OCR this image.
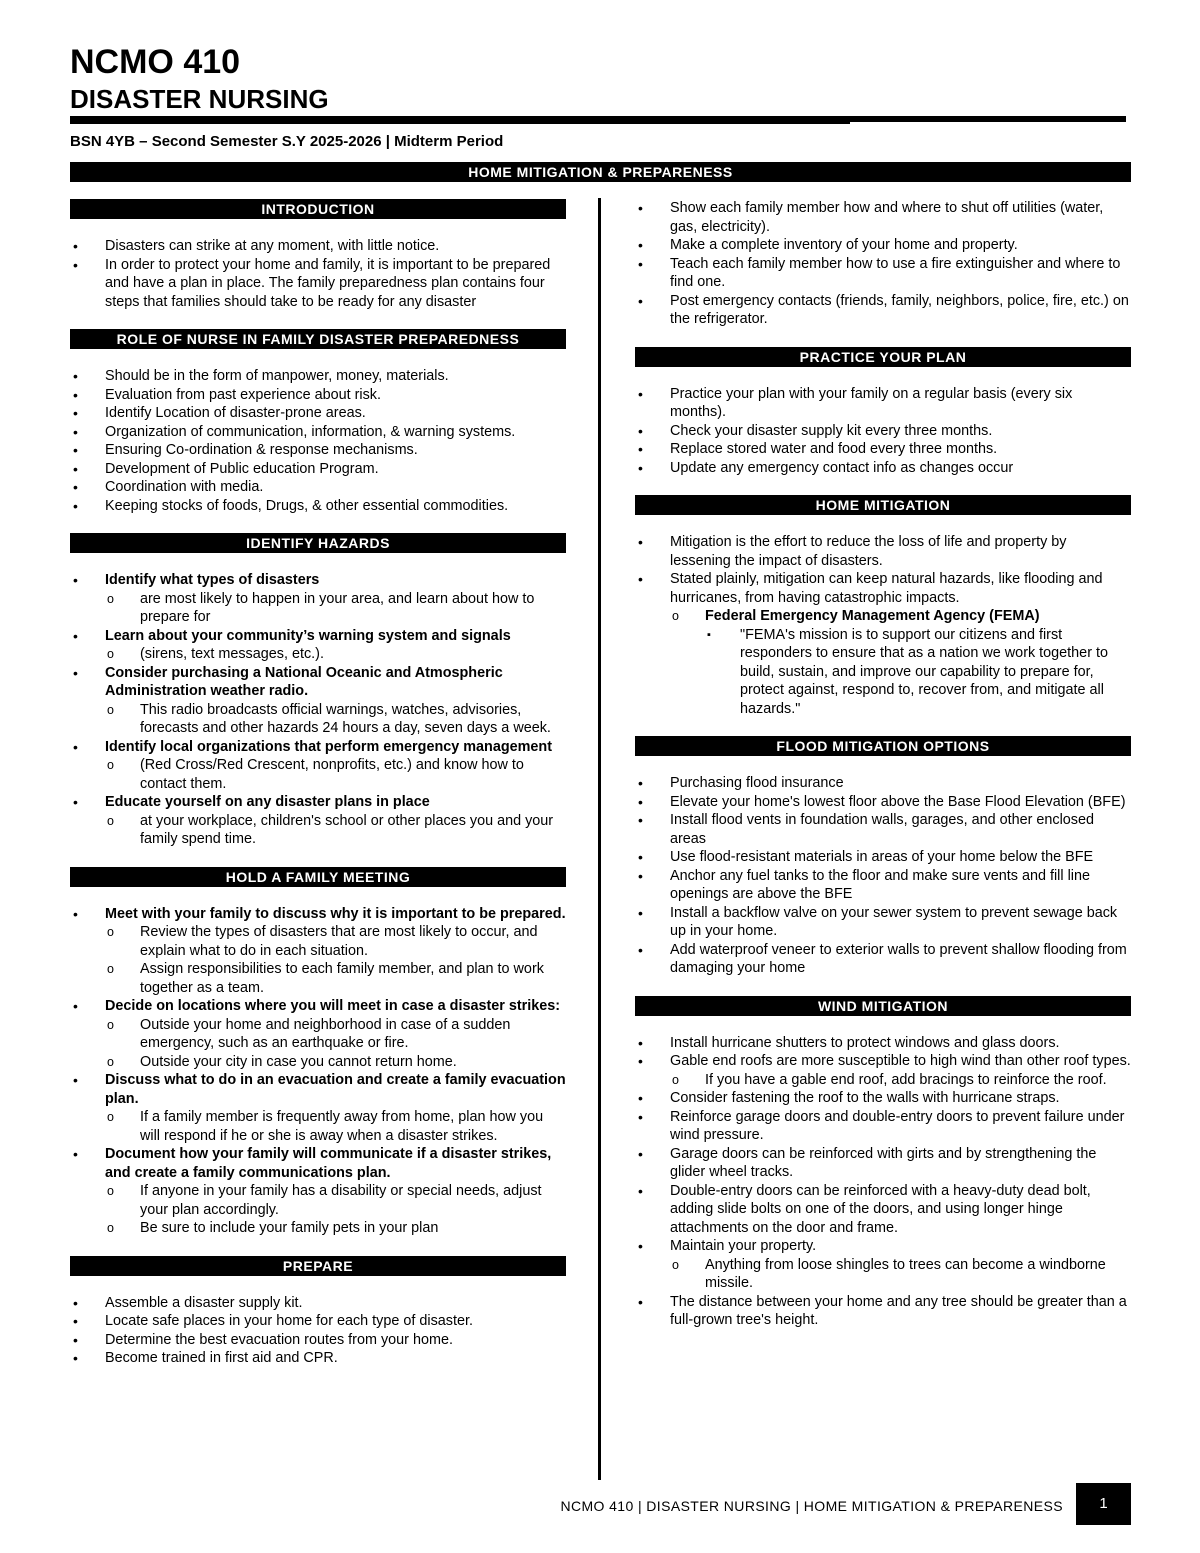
NCMO 410
DISASTER NURSING
BSN 4YB – Second Semester S.Y 2025-2026 | Midterm Period
HOME MITIGATION & PREPARENESS
INTRODUCTION
• Disasters can strike at any moment, with little notice.
• In order to protect your home and family, it is important to be prepared and have a plan in place. The family preparedness plan contains four steps that families should take to be ready for any disaster
ROLE OF NURSE IN FAMILY DISASTER PREPAREDNESS
• Should be in the form of manpower, money, materials.
• Evaluation from past experience about risk.
• Identify Location of disaster-prone areas.
• Organization of communication, information, & warning systems.
• Ensuring Co-ordination & response mechanisms.
• Development of Public education Program.
• Coordination with media.
• Keeping stocks of foods, Drugs, & other essential commodities.
IDENTIFY HAZARDS
• Identify what types of disasters
o are most likely to happen in your area, and learn about how to prepare for
• Learn about your community’s warning system and signals
o (sirens, text messages, etc.).
• Consider purchasing a National Oceanic and Atmospheric Administration weather radio.
o This radio broadcasts official warnings, watches, advisories, forecasts and other hazards 24 hours a day, seven days a week.
• Identify local organizations that perform emergency management
o (Red Cross/Red Crescent, nonprofits, etc.) and know how to contact them.
• Educate yourself on any disaster plans in place
o at your workplace, children's school or other places you and your family spend time.
HOLD A FAMILY MEETING
• Meet with your family to discuss why it is important to be prepared.
o Review the types of disasters that are most likely to occur, and explain what to do in each situation.
o Assign responsibilities to each family member, and plan to work together as a team.
• Decide on locations where you will meet in case a disaster strikes:
o Outside your home and neighborhood in case of a sudden emergency, such as an earthquake or fire.
o Outside your city in case you cannot return home.
• Discuss what to do in an evacuation and create a family evacuation plan.
o If a family member is frequently away from home, plan how you will respond if he or she is away when a disaster strikes.
• Document how your family will communicate if a disaster strikes, and create a family communications plan.
o If anyone in your family has a disability or special needs, adjust your plan accordingly.
o Be sure to include your family pets in your plan
PREPARE
• Assemble a disaster supply kit.
• Locate safe places in your home for each type of disaster.
• Determine the best evacuation routes from your home.
• Become trained in first aid and CPR.
• Show each family member how and where to shut off utilities (water, gas, electricity).
• Make a complete inventory of your home and property.
• Teach each family member how to use a fire extinguisher and where to find one.
• Post emergency contacts (friends, family, neighbors, police, fire, etc.) on the refrigerator.
PRACTICE YOUR PLAN
• Practice your plan with your family on a regular basis (every six months).
• Check your disaster supply kit every three months.
• Replace stored water and food every three months.
• Update any emergency contact info as changes occur
HOME MITIGATION
• Mitigation is the effort to reduce the loss of life and property by lessening the impact of disasters.
• Stated plainly, mitigation can keep natural hazards, like flooding and hurricanes, from having catastrophic impacts.
o Federal Emergency Management Agency (FEMA)
▪ "FEMA's mission is to support our citizens and first responders to ensure that as a nation we work together to build, sustain, and improve our capability to prepare for, protect against, respond to, recover from, and mitigate all hazards."
FLOOD MITIGATION OPTIONS
• Purchasing flood insurance
• Elevate your home's lowest floor above the Base Flood Elevation (BFE)
• Install flood vents in foundation walls, garages, and other enclosed areas
• Use flood-resistant materials in areas of your home below the BFE
• Anchor any fuel tanks to the floor and make sure vents and fill line openings are above the BFE
• Install a backflow valve on your sewer system to prevent sewage back up in your home.
• Add waterproof veneer to exterior walls to prevent shallow flooding from damaging your home
WIND MITIGATION
• Install hurricane shutters to protect windows and glass doors.
• Gable end roofs are more susceptible to high wind than other roof types.
o If you have a gable end roof, add bracings to reinforce the roof.
• Consider fastening the roof to the walls with hurricane straps.
• Reinforce garage doors and double-entry doors to prevent failure under wind pressure.
• Garage doors can be reinforced with girts and by strengthening the glider wheel tracks.
• Double-entry doors can be reinforced with a heavy-duty dead bolt, adding slide bolts on one of the doors, and using longer hinge attachments on the door and frame.
• Maintain your property.
o Anything from loose shingles to trees can become a windborne missile.
• The distance between your home and any tree should be greater than a full-grown tree's height.
NCMO 410 | DISASTER NURSING | HOME MITIGATION & PREPARENESS	1
